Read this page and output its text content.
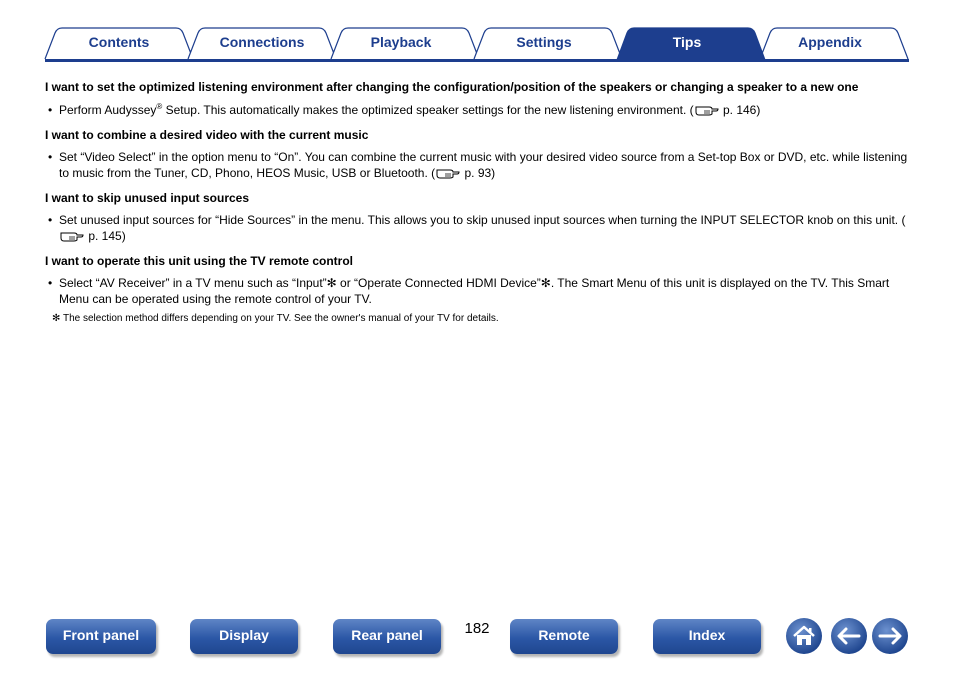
Contents	Connections	Playback	Settings	Tips	Appendix

I want to set the optimized listening environment after changing the configuration/position of the speakers or changing a speaker to a new one

• Perform Audyssey® Setup. This automatically makes the optimized speaker settings for the new listening environment. ( p. 146)

I want to combine a desired video with the current music

• Set “Video Select” in the option menu to “On”. You can combine the current music with your desired video source from a Set-top Box or DVD, etc. while listening to music from the Tuner, CD, Phono, HEOS Music, USB or Bluetooth. ( p. 93)

I want to skip unused input sources

• Set unused input sources for “Hide Sources” in the menu. This allows you to skip unused input sources when turning the INPUT SELECTOR knob on this unit. ( p. 145)

I want to operate this unit using the TV remote control

• Select “AV Receiver” in a TV menu such as “Input”✻ or “Operate Connected HDMI Device”✻. The Smart Menu of this unit is displayed on the TV. This Smart Menu can be operated using the remote control of your TV.

✻ The selection method differs depending on your TV. See the owner's manual of your TV for details.

Front panel	Display	Rear panel	182	Remote	Index
